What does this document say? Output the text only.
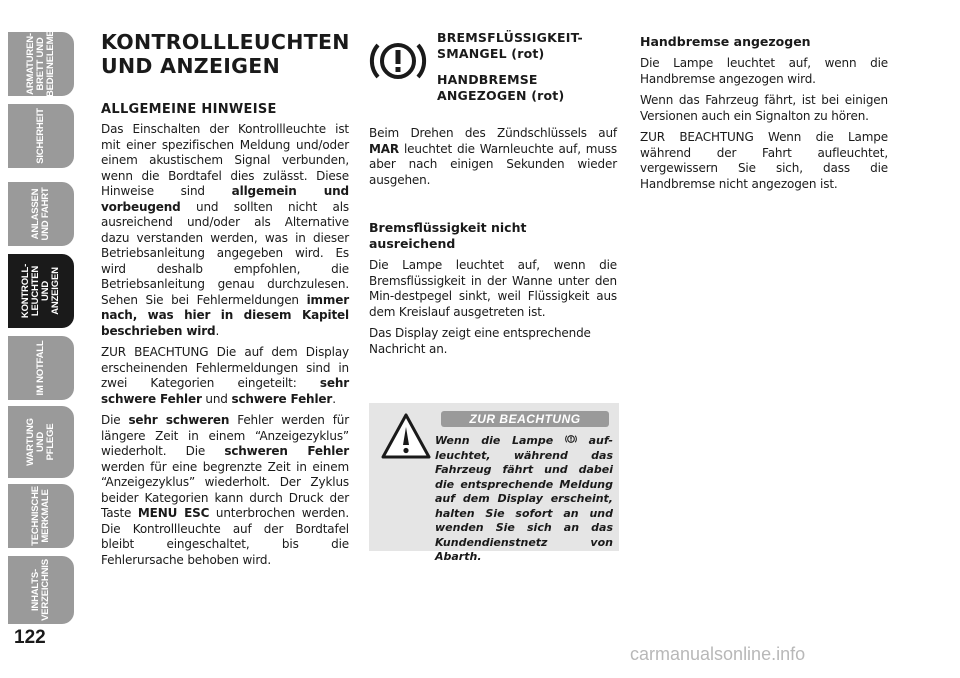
ARMATUREN-
BRETT UND
BEDIENELEMENTE
SICHERHEIT
ANLASSEN
UND FAHRT
KONTROLL-
LEUCHTEN UND
ANZEIGEN
IM NOTFALL
WARTUNG UND
PFLEGE
TECHNISCHE
MERKMALE
INHALTS-
VERZEICHNIS
122
KONTROLLLEUCHTEN
UND ANZEIGEN
ALLGEMEINE HINWEISE

Das Einschalten der Kontrollleuchte ist mit einer spezifischen Meldung und/oder einem akustischem Signal verbunden, wenn die Bordtafel dies zulässt. Diese Hinweise sind allgemein und vorbeugend und sollten nicht als ausreichend und/oder als Alternative dazu verstanden werden, was in dieser Betriebsanleitung angegeben wird. Es wird deshalb empfohlen, die Betriebsanleitung genau durchzulesen. Sehen Sie bei Fehlermeldungen immer nach, was hier in diesem Kapitel beschrieben wird.

ZUR BEACHTUNG Die auf dem Display erscheinenden Fehlermeldungen sind in zwei Kategorien eingeteilt: sehr schwere Fehler und schwere Fehler.

Die sehr schweren Fehler werden für längere Zeit in einem “Anzeigezyklus” wiederholt. Die schweren Fehler werden für eine begrenzte Zeit in einem “Anzeigezyklus” wiederholt. Der Zyklus beider Kategorien kann durch Druck der Taste MENU ESC unterbrochen werden. Die Kontrollleuchte auf der Bordtafel bleibt eingeschaltet, bis die Fehlerursache behoben wird.

BREMSFLÜSSIGKEIT-SMANGEL (rot)
HANDBREMSE ANGEZOGEN (rot)

Beim Drehen des Zündschlüssels auf MAR leuchtet die Warnleuchte auf, muss aber nach einigen Sekunden wieder ausgehen.

Bremsflüssigkeit nicht ausreichend

Die Lampe leuchtet auf, wenn die Bremsflüssigkeit in der Wanne unter den Min-destpegel sinkt, weil Flüssigkeit aus dem Kreislauf ausgetreten ist.

Das Display zeigt eine entsprechende Nachricht an.

ZUR BEACHTUNG
Wenn die Lampe  auf-leuchtet, während das Fahrzeug fährt und dabei die entsprechende Meldung auf dem Display erscheint, halten Sie sofort an und wenden Sie sich an das Kundendienstnetz von Abarth.
Handbremse angezogen

Die Lampe leuchtet auf, wenn die Handbremse angezogen wird.

Wenn das Fahrzeug fährt, ist bei einigen Versionen auch ein Signalton zu hören.

ZUR BEACHTUNG Wenn die Lampe während der Fahrt aufleuchtet, vergewissern Sie sich, dass die Handbremse nicht angezogen ist.

carmanualsonline.info
